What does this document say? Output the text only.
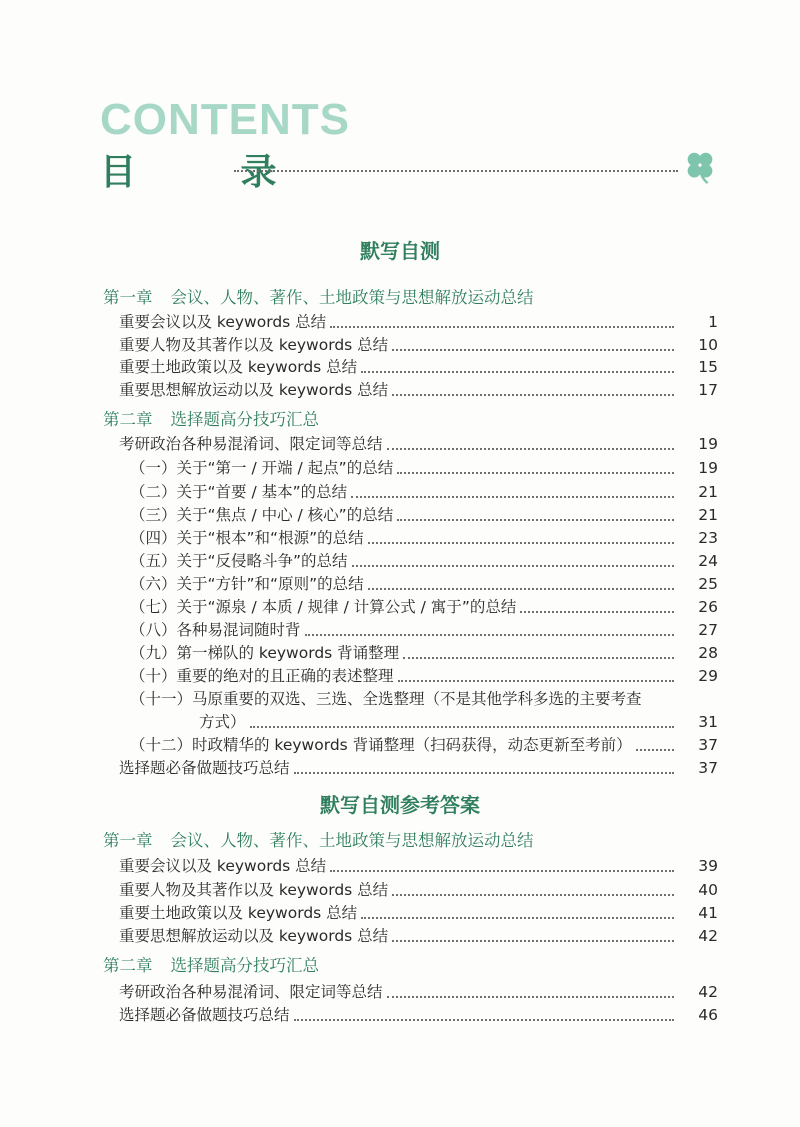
CONTENTS
目 录
默写自测
第一章 会议、人物、著作、土地政策与思想解放运动总结
重要会议以及 keywords 总结	1
重要人物及其著作以及 keywords 总结	10
重要土地政策以及 keywords 总结	15
重要思想解放运动以及 keywords 总结	17
第二章 选择题高分技巧汇总
考研政治各种易混淆词、限定词等总结	19
（一）关于“第一 / 开端 / 起点”的总结	19
（二）关于“首要 / 基本”的总结	21
（三）关于“焦点 / 中心 / 核心”的总结	21
（四）关于“根本”和“根源”的总结	23
（五）关于“反侵略斗争”的总结	24
（六）关于“方针”和“原则”的总结	25
（七）关于“源泉 / 本质 / 规律 / 计算公式 / 寓于”的总结	26
（八）各种易混词随时背	27
（九）第一梯队的 keywords 背诵整理	28
（十）重要的绝对的且正确的表述整理	29
（十一）马原重要的双选、三选、全选整理（不是其他学科多选的主要考查
方式）	31
（十二）时政精华的 keywords 背诵整理（扫码获得，动态更新至考前）	37
选择题必备做题技巧总结	37
默写自测参考答案
第一章 会议、人物、著作、土地政策与思想解放运动总结
重要会议以及 keywords 总结	39
重要人物及其著作以及 keywords 总结	40
重要土地政策以及 keywords 总结	41
重要思想解放运动以及 keywords 总结	42
第二章 选择题高分技巧汇总
考研政治各种易混淆词、限定词等总结	42
选择题必备做题技巧总结	46
